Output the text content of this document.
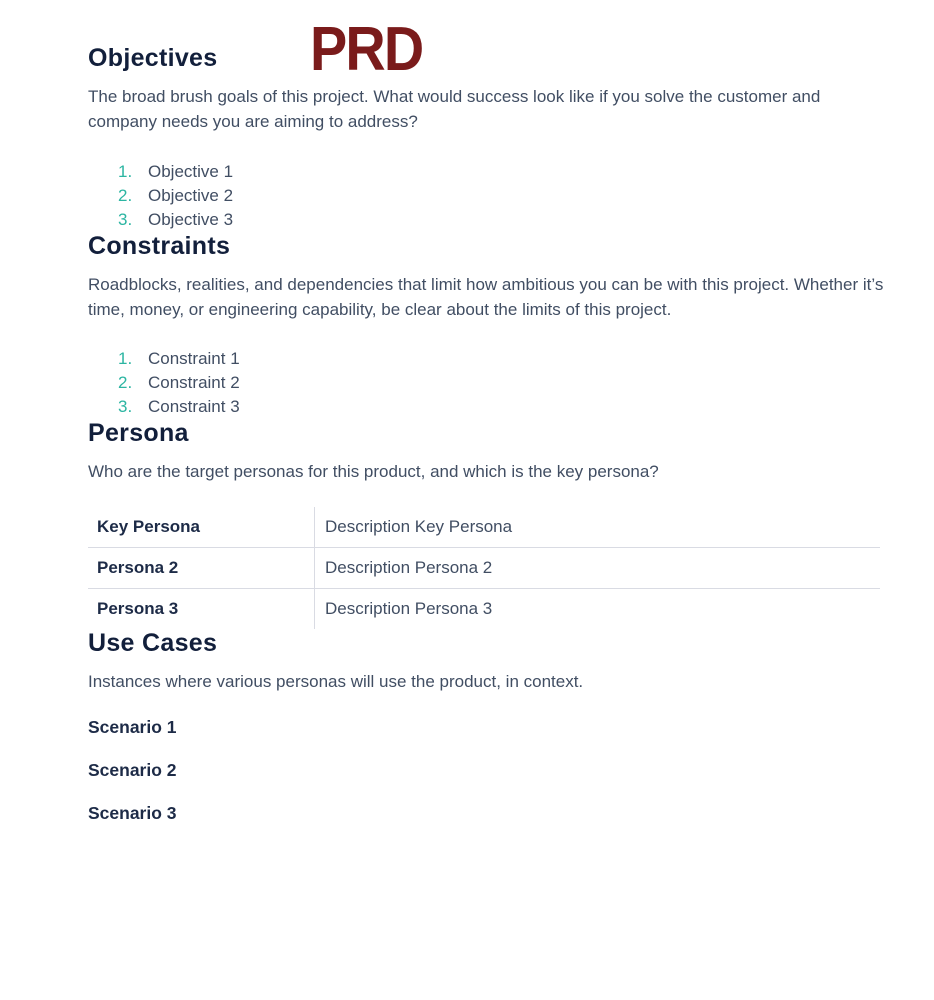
PRD
Objectives

The broad brush goals of this project. What would success look like if you solve the customer and company needs you are aiming to address?

1. Objective 1
2. Objective 2
3. Objective 3
Constraints

Roadblocks, realities, and dependencies that limit how ambitious you can be with this project. Whether it’s time, money, or engineering capability, be clear about the limits of this project.

1. Constraint 1
2. Constraint 2
3. Constraint 3
Persona

Who are the target personas for this product, and which is the key persona?

Key Persona	Description Key Persona
Persona 2	Description Persona 2
Persona 3	Description Persona 3
Use Cases

Instances where various personas will use the product, in context.

Scenario 1
Scenario 2
Scenario 3
